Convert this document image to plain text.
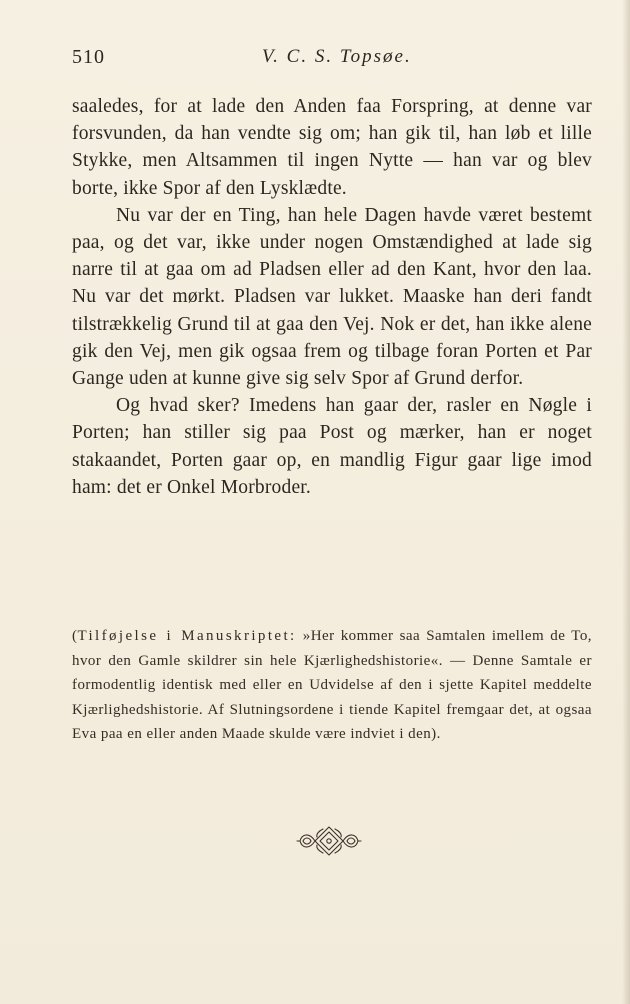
510	V. C. S. Topsøe.

saaledes, for at lade den Anden faa Forspring, at denne var forsvunden, da han vendte sig om; han gik til, han løb et lille Stykke, men Altsammen til ingen Nytte — han var og blev borte, ikke Spor af den Lysklædte.

Nu var der en Ting, han hele Dagen havde været bestemt paa, og det var, ikke under nogen Omstændighed at lade sig narre til at gaa om ad Pladsen eller ad den Kant, hvor den laa. Nu var det mørkt. Pladsen var lukket. Maaske han deri fandt tilstrækkelig Grund til at gaa den Vej. Nok er det, han ikke alene gik den Vej, men gik ogsaa frem og tilbage foran Porten et Par Gange uden at kunne give sig selv Spor af Grund derfor.

Og hvad sker? Imedens han gaar der, rasler en Nøgle i Porten; han stiller sig paa Post og mærker, han er noget stakaandet, Porten gaar op, en mandlig Figur gaar lige imod ham: det er Onkel Morbroder.

(Tilføjelse i Manuskriptet: »Her kommer saa Samtalen imellem de To, hvor den Gamle skildrer sin hele Kjærlighedshistorie«. — Denne Samtale er formodentlig identisk med eller en Udvidelse af den i sjette Kapitel meddelte Kjærlighedshistorie. Af Slutningsordene i tiende Kapitel fremgaar det, at ogsaa Eva paa en eller anden Maade skulde være indviet i den).
